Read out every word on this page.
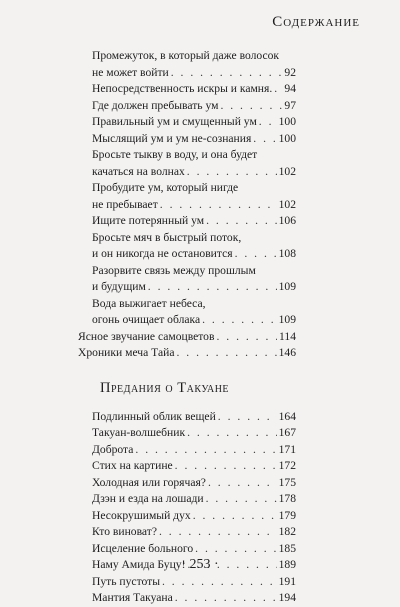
Содержание
Промежуток, в который даже волосок
не может войти . . .	92
Непосредственность искры и камня. . . . 94
Где должен пребывать ум . . .	97
Правильный ум и смущенный ум . . . 100
Мыслящий ум и ум не-сознания . . . 100
Бросьте тыкву в воду, и она будет
качаться на волнах . . .	102
Пробудите ум, который нигде
не пребывает . . .	102
Ищите потерянный ум . . .	106
Бросьте мяч в быстрый поток,
и он никогда не остановится . . .	108
Разорвите связь между прошлым
и будущим . . .	109
Вода выжигает небеса,
огонь очищает облака . . .	109
Ясное звучание самоцветов . . .	114
Хроники меча Тайа . . .	146
Предания о Такуане
Подлинный облик вещей . . .	164
Такуан-волшебник . . .	167
Доброта . . .	171
Стих на картине . . .	172
Холодная или горячая? . . .	175
Дзэн и езда на лошади . . .	178
Несокрушимый дух . . .	179
Кто виноват? . . .	182
Исцеление больного . . .	185
Наму Амида Буцу! . . .	189
Путь пустоты . . .	191
Мантия Такуана . . .	194
· 253 ·
